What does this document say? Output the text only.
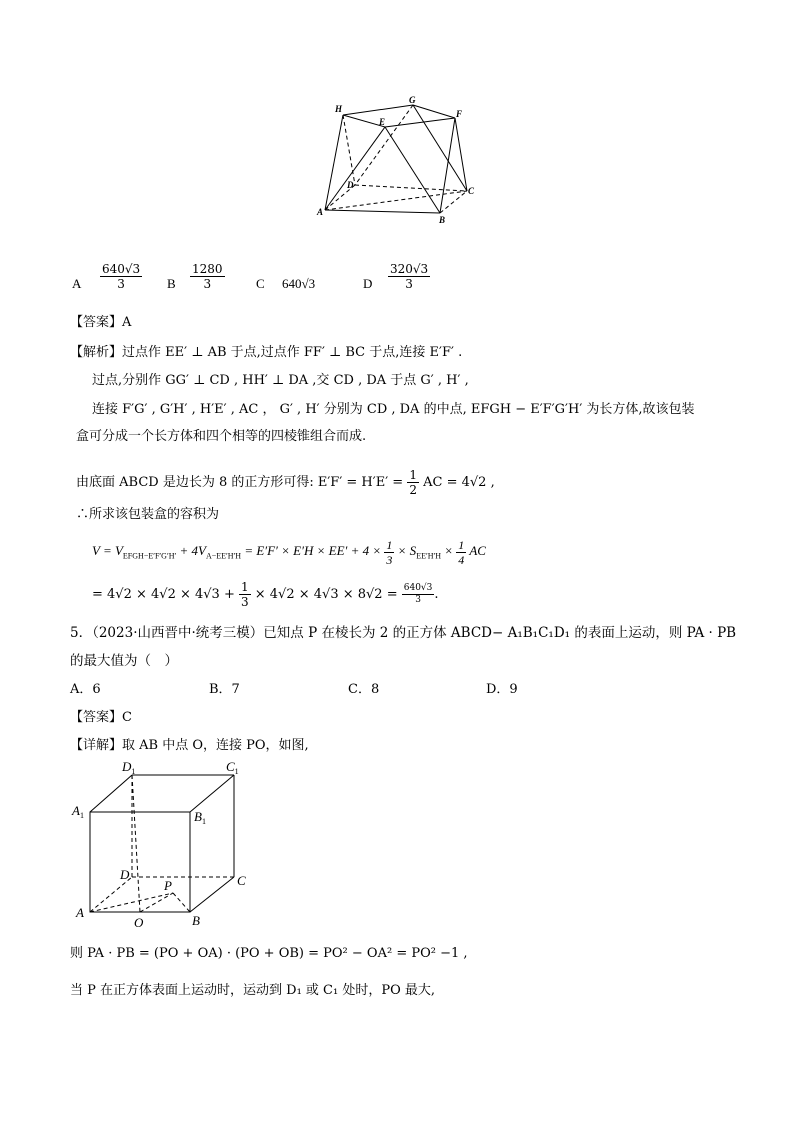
H
G
E
F
D
C
A
B
A $\frac{640√3}{3}$ B $\frac{1280}{3}$ C 640√3	D $\frac{320√3}{3}$
【答案】A
【解析】过点作 EE′ ⊥ AB 于点,过点作 FF′ ⊥ BC 于点,连接 E′F′ .
过点,分别作 GG′ ⊥ CD , HH′ ⊥ DA ,交 CD , DA 于点 G′ , H′ ,
连接 F′G′ , G′H′ , H′E′ , AC ， G′ , H′ 分别为 CD , DA 的中点, EFGH − E′F′G′H′ 为长方体,故该包装
盒可分成一个长方体和四个相等的四棱锥组合而成.
由底面 ABCD 是边长为 8 的正方形可得: $E'F' = H'E' = \frac{1}{2}$ AC = 4√2 ,
∴所求该包装盒的容积为
$V = V_{EFGH-E'F'G'H'} + 4V_{A-EE'H'H} = E'F' \times E'H \times EE' + 4 \times \frac{1}{3} \times S_{EE'H'H} \times \frac{1}{4}$ AC
= $4√2 \times 4√2 \times 4√3 + \frac{1}{3} \times 4√2 \times 4√3 \times 8√2 = \frac{640√3}{3}$ .
5．（2023·山西晋中·统考三模）已知点 P 在棱长为 2 的正方体 ABCD− A₁B₁C₁D₁ 的表面上运动，则 PA · PB
的最大值为（　）
A．6	B．7	C．8	D．9
【答案】C
【详解】取 AB 中点 O，连接 PO，如图,
$D_1$	$C_1$
$A_1$	$B_1$
D	C
P
A
O	B
则 PA · PB = (PO + OA) · (PO + OB) = PO² − OA² = PO² −1 ,
当 P 在正方体表面上运动时，运动到 D₁ 或 C₁ 处时，PO 最大,
